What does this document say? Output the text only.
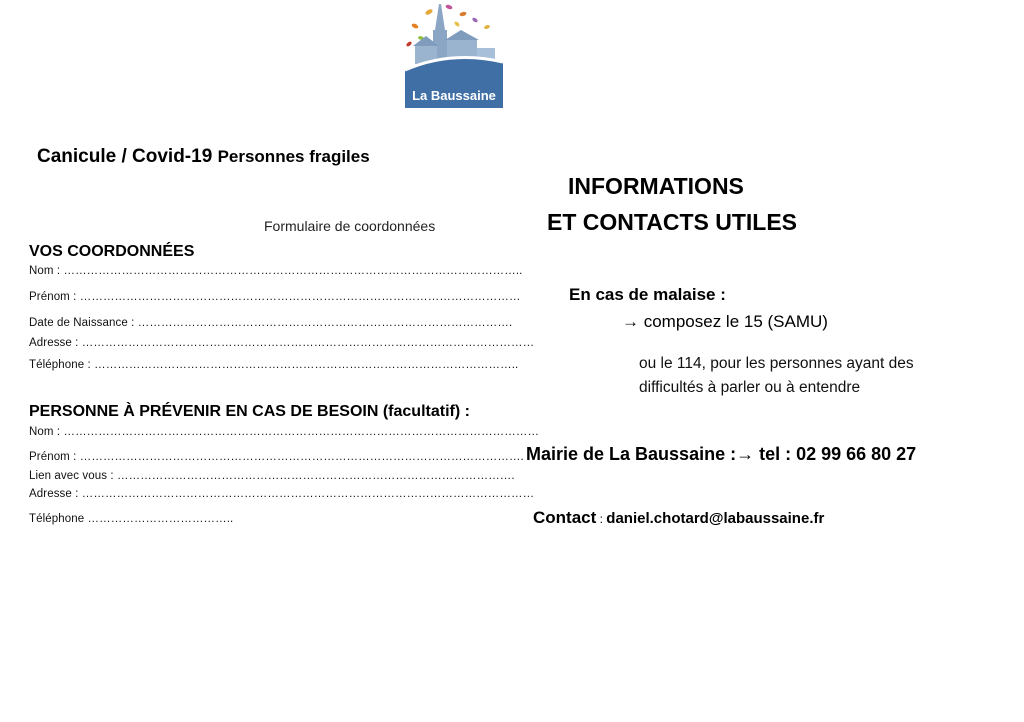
La Baussaine
Canicule / Covid-19 Personnes fragiles
Formulaire de coordonnées
VOS COORDONNÉES
Nom : ………………………………………………………………………………………………………..
Prénom : ……………………………………………………………………………………………………
Date de Naissance : …………………………………………………………………………………….
Adresse : ………………………………………………………………………………………………………
Téléphone : ………………………………………………………………………………………………..
PERSONNE À PRÉVENIR EN CAS DE BESOIN (facultatif) :
Nom : ……………………………………………………………………………………………………………
Prénom : …………………………………………………………………………………………………….
Lien avec vous : ………………………………………………………………………………………….
Adresse : ………………………………………………………………………………………………………
Téléphone ………………………………..
INFORMATIONS
ET CONTACTS UTILES
En cas de malaise :
→ composez le 15 (SAMU)
ou le 114, pour les personnes ayant des
difficultés à parler ou à entendre
Mairie de La Baussaine :→ tel : 02 99 66 80 27
Contact : daniel.chotard@labaussaine.fr
